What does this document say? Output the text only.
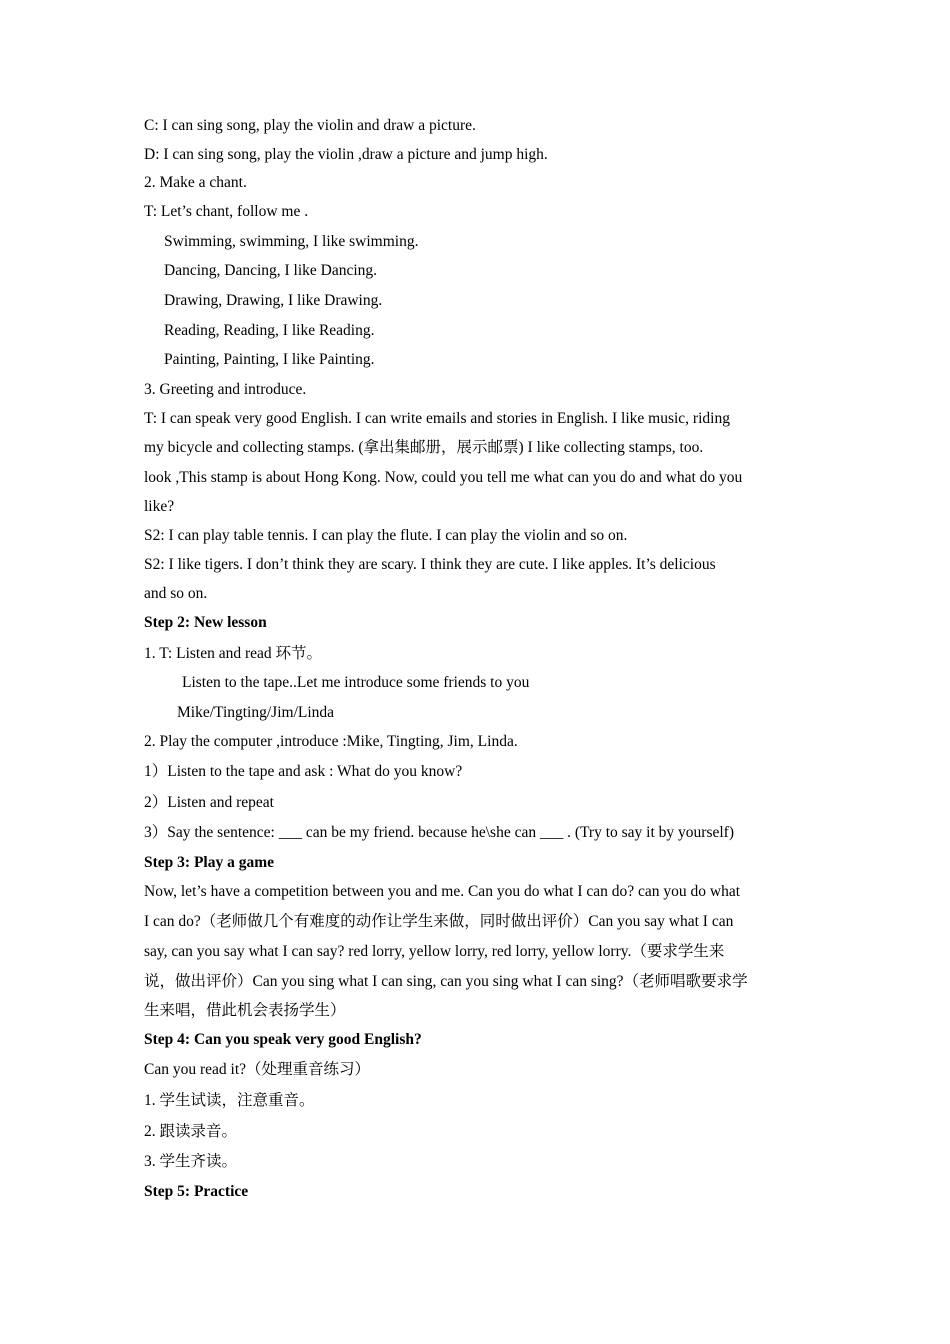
C: I can sing song, play the violin and draw a picture.
D: I can sing song, play the violin ,draw a picture and jump high.
2. Make a chant.
T: Let’s chant, follow me .
Swimming, swimming, I like swimming.
Dancing, Dancing, I like Dancing.
Drawing, Drawing, I like Drawing.
Reading, Reading, I like Reading.
Painting, Painting, I like Painting.
3. Greeting and introduce.
T: I can speak very good English. I can write emails and stories in English. I like music, riding
my bicycle and collecting stamps. (拿出集邮册，展示邮票) I like collecting stamps, too.
look ,This stamp is about Hong Kong. Now, could you tell me what can you do and what do you
like?
S2: I can play table tennis. I can play the flute. I can play the violin and so on.
S2: I like tigers. I don’t think they are scary. I think they are cute. I like apples. It’s delicious
and so on.
Step 2: New lesson
1. T: Listen and read 环节。
Listen to the tape..Let me introduce some friends to you
Mike/Tingting/Jim/Linda
2. Play the computer ,introduce :Mike, Tingting, Jim, Linda.
1）Listen to the tape and ask : What do you know?
2）Listen and repeat
3）Say the sentence: ___ can be my friend. because he\she can ___ . (Try to say it by yourself)
Step 3: Play a game
Now, let’s have a competition between you and me. Can you do what I can do? can you do what
I can do?（老师做几个有难度的动作让学生来做，同时做出评价）Can you say what I can
say, can you say what I can say? red lorry, yellow lorry, red lorry, yellow lorry.（要求学生来
说，做出评价）Can you sing what I can sing, can you sing what I can sing?（老师唱歌要求学
生来唱，借此机会表扬学生）
Step 4: Can you speak very good English?
Can you read it?（处理重音练习）
1. 学生试读，注意重音。
2. 跟读录音。
3. 学生齐读。
Step 5: Practice
